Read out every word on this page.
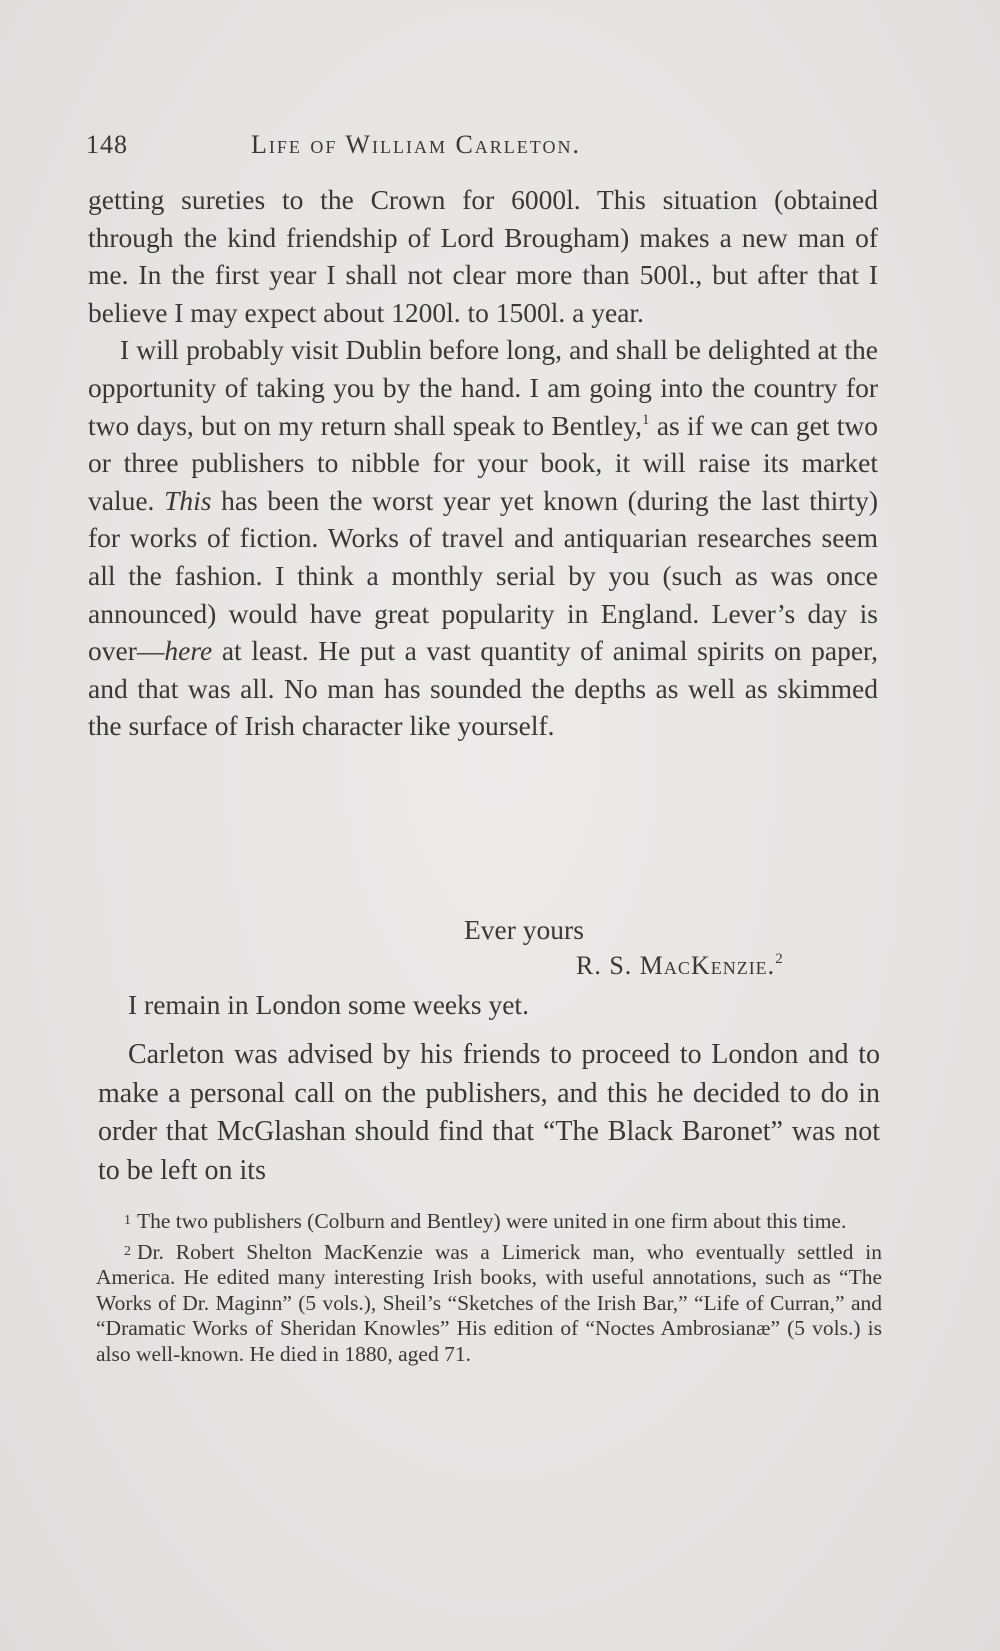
148	Life of William Carleton.

getting sureties to the Crown for 6000l. This situation (obtained through the kind friendship of Lord Brougham) makes a new man of me. In the first year I shall not clear more than 500l., but after that I believe I may expect about 1200l. to 1500l. a year.

I will probably visit Dublin before long, and shall be delighted at the opportunity of taking you by the hand. I am going into the country for two days, but on my return shall speak to Bentley,$^1$ as if we can get two or three publishers to nibble for your book, it will raise its market value. This has been the worst year yet known (during the last thirty) for works of fiction. Works of travel and antiquarian researches seem all the fashion. I think a monthly serial by you (such as was once announced) would have great popularity in England. Lever’s day is over—here at least. He put a vast quantity of animal spirits on paper, and that was all. No man has sounded the depths as well as skimmed the surface of Irish character like yourself.

Ever yours
R. S. MacKenzie.$^2$
I remain in London some weeks yet.

Carleton was advised by his friends to proceed to London and to make a personal call on the publishers, and this he decided to do in order that McGlashan should find that “The Black Baronet” was not to be left on its

1 The two publishers (Colburn and Bentley) were united in one firm about this time.

2 Dr. Robert Shelton MacKenzie was a Limerick man, who eventually settled in America. He edited many interesting Irish books, with useful annotations, such as “The Works of Dr. Maginn” (5 vols.), Sheil’s “Sketches of the Irish Bar,” “Life of Curran,” and “Dramatic Works of Sheridan Knowles” His edition of “Noctes Ambrosianæ” (5 vols.) is also well-known. He died in 1880, aged 71.
